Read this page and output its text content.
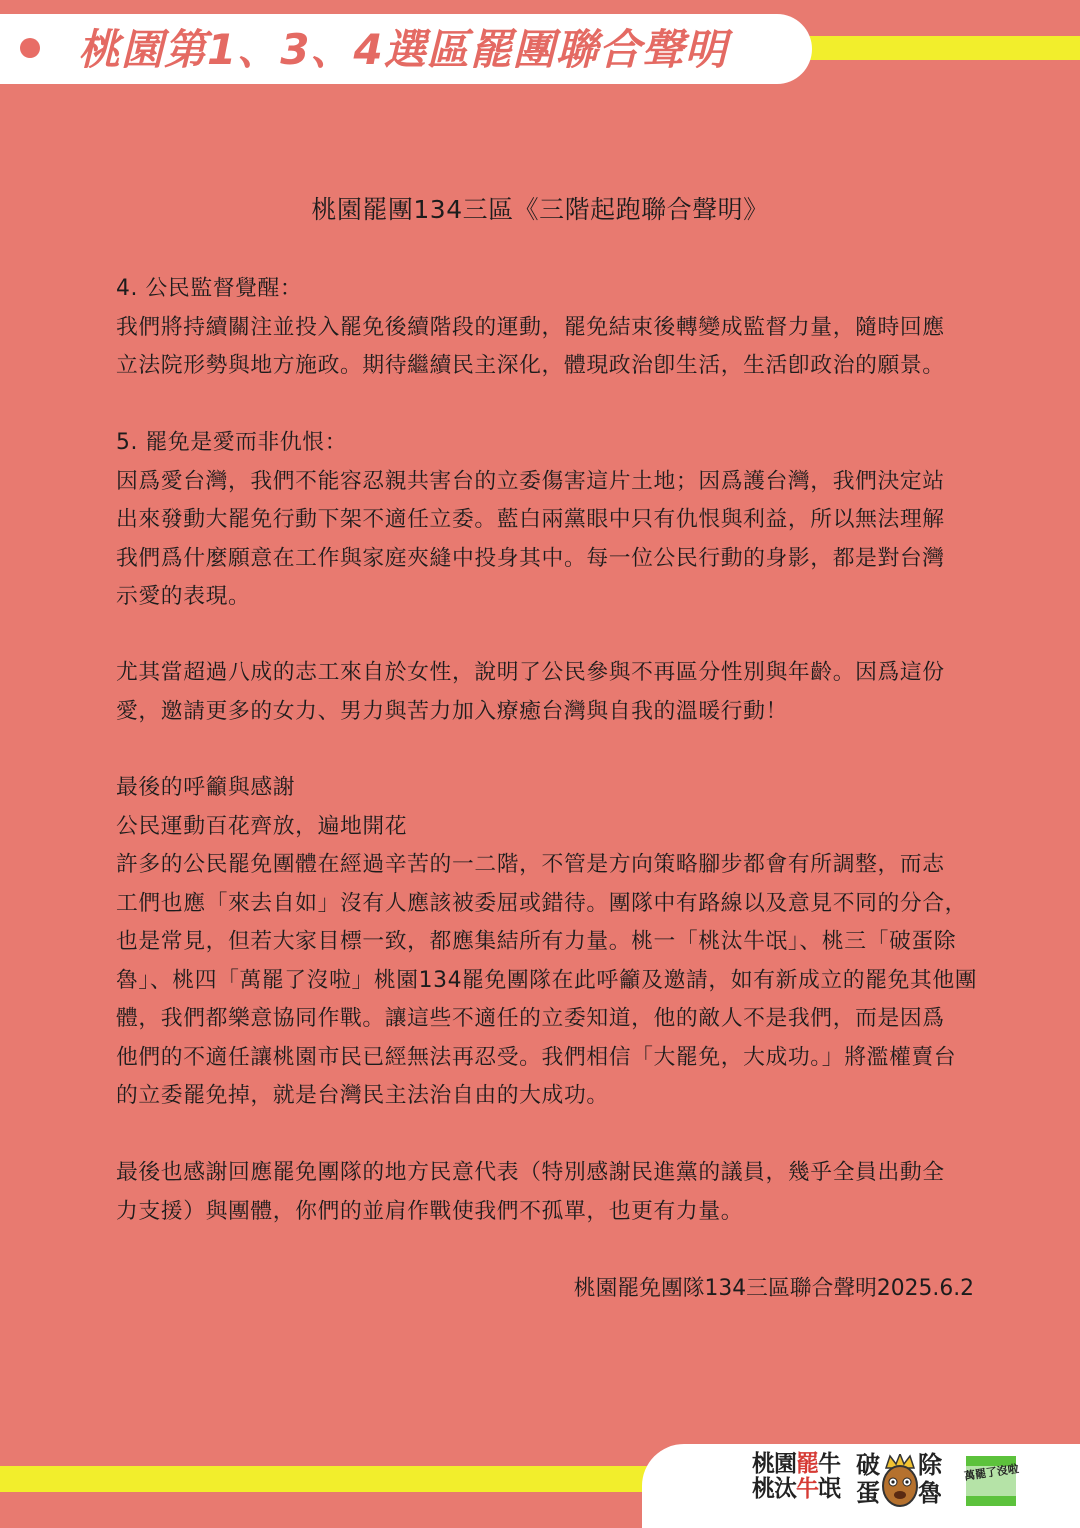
桃園第1、3、4選區罷團聯合聲明
桃園罷團134三區《三階起跑聯合聲明》
4. 公民監督覺醒：
我們將持續關注並投入罷免後續階段的運動，罷免結束後轉變成監督力量，隨時回應
立法院形勢與地方施政。期待繼續民主深化，體現政治卽生活，生活卽政治的願景。
5. 罷免是愛而非仇恨：
因爲愛台灣，我們不能容忍親共害台的立委傷害這片土地；因爲護台灣，我們決定站
出來發動大罷免行動下架不適任立委。藍白兩黨眼中只有仇恨與利益，所以無法理解
我們爲什麼願意在工作與家庭夾縫中投身其中。每一位公民行動的身影，都是對台灣
示愛的表現。
尤其當超過八成的志工來自於女性，說明了公民參與不再區分性別與年齡。因爲這份
愛，邀請更多的女力、男力與苦力加入療癒台灣與自我的溫暖行動！
最後的呼籲與感謝
公民運動百花齊放，遍地開花
許多的公民罷免團體在經過辛苦的一二階，不管是方向策略腳步都會有所調整，而志
工們也應「來去自如」沒有人應該被委屈或錯待。團隊中有路線以及意見不同的分合，
也是常見，但若大家目標一致，都應集結所有力量。桃一「桃汰牛氓」、桃三「破蛋除
魯」、桃四「萬罷了沒啦」桃園134罷免團隊在此呼籲及邀請，如有新成立的罷免其他團
體，我們都樂意協同作戰。讓這些不適任的立委知道，他的敵人不是我們，而是因爲
他們的不適任讓桃園市民已經無法再忍受。我們相信「大罷免，大成功。」將濫權賣台
的立委罷免掉，就是台灣民主法治自由的大成功。
最後也感謝回應罷免團隊的地方民意代表（特別感謝民進黨的議員，幾乎全員出動全
力支援）與團體，你們的並肩作戰使我們不孤單，也更有力量。
桃園罷免團隊134三區聯合聲明2025.6.2
桃園罷牛
桃汰牛氓
破 除
蛋 魯
萬罷了沒啦
